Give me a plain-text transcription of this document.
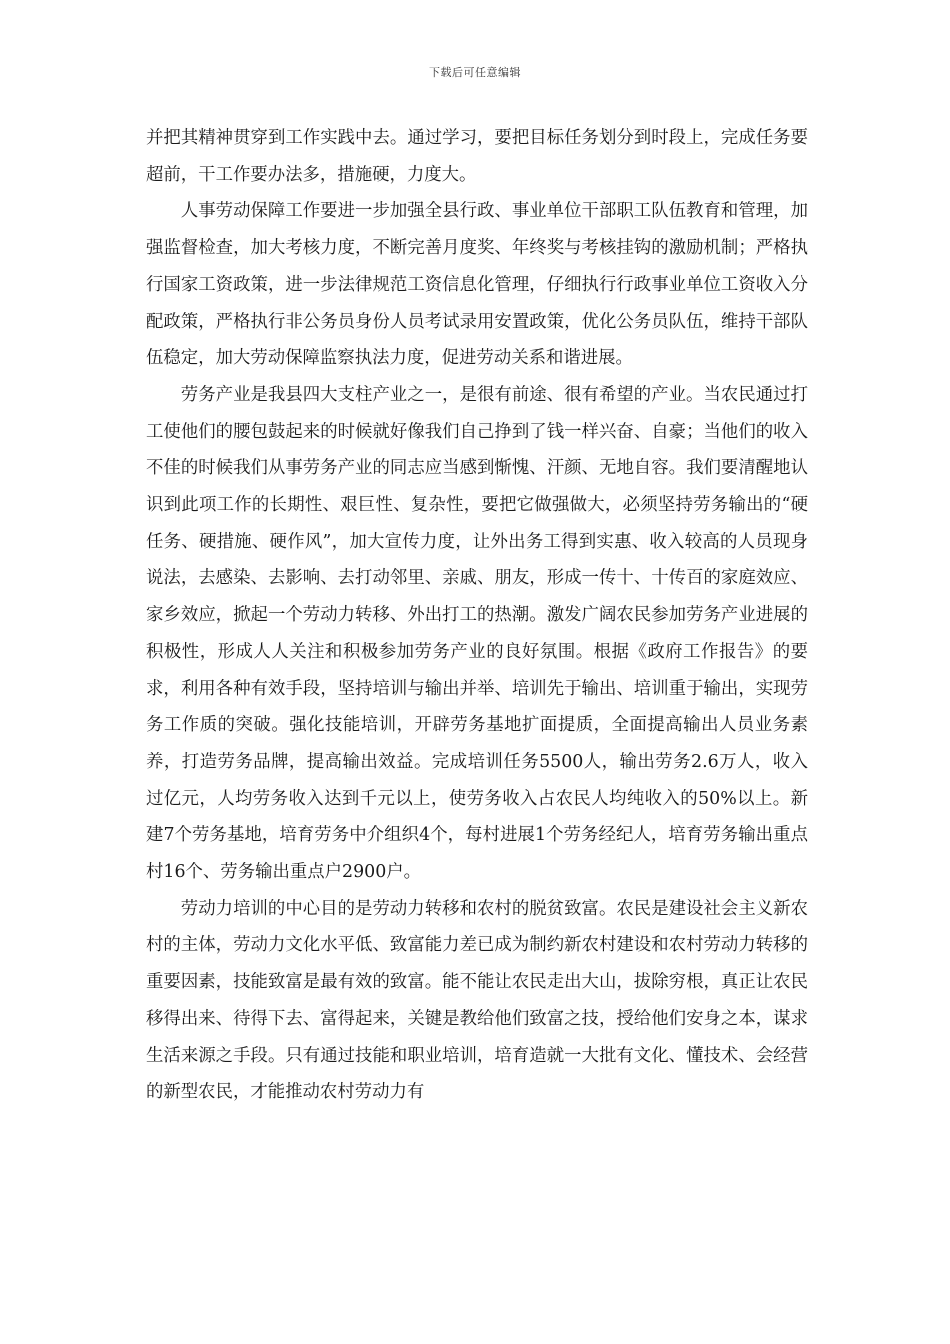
下载后可任意编辑

并把其精神贯穿到工作实践中去。通过学习，要把目标任务划分到时段上，完成任务要超前，干工作要办法多，措施硬，力度大。

人事劳动保障工作要进一步加强全县行政、事业单位干部职工队伍教育和管理，加强监督检查，加大考核力度，不断完善月度奖、年终奖与考核挂钩的激励机制；严格执行国家工资政策，进一步法律规范工资信息化管理，仔细执行行政事业单位工资收入分配政策，严格执行非公务员身份人员考试录用安置政策，优化公务员队伍，维持干部队伍稳定，加大劳动保障监察执法力度，促进劳动关系和谐进展。

劳务产业是我县四大支柱产业之一，是很有前途、很有希望的产业。当农民通过打工使他们的腰包鼓起来的时候就好像我们自己挣到了钱一样兴奋、自豪；当他们的收入不佳的时候我们从事劳务产业的同志应当感到惭愧、汗颜、无地自容。我们要清醒地认识到此项工作的长期性、艰巨性、复杂性，要把它做强做大，必须坚持劳务输出的“硬任务、硬措施、硬作风”，加大宣传力度，让外出务工得到实惠、收入较高的人员现身说法，去感染、去影响、去打动邻里、亲戚、朋友，形成一传十、十传百的家庭效应、家乡效应，掀起一个劳动力转移、外出打工的热潮。激发广阔农民参加劳务产业进展的积极性，形成人人关注和积极参加劳务产业的良好氛围。根据《政府工作报告》的要求，利用各种有效手段，坚持培训与输出并举、培训先于输出、培训重于输出，实现劳务工作质的突破。强化技能培训，开辟劳务基地扩面提质，全面提高输出人员业务素养，打造劳务品牌，提高输出效益。完成培训任务5500人，输出劳务2.6万人，收入过亿元，人均劳务收入达到千元以上，使劳务收入占农民人均纯收入的50%以上。新建7个劳务基地，培育劳务中介组织4个，每村进展1个劳务经纪人，培育劳务输出重点村16个、劳务输出重点户2900户。

劳动力培训的中心目的是劳动力转移和农村的脱贫致富。农民是建设社会主义新农村的主体，劳动力文化水平低、致富能力差已成为制约新农村建设和农村劳动力转移的重要因素，技能致富是最有效的致富。能不能让农民走出大山，拔除穷根，真正让农民移得出来、待得下去、富得起来，关键是教给他们致富之技，授给他们安身之本，谋求生活来源之手段。只有通过技能和职业培训，培育造就一大批有文化、懂技术、会经营的新型农民，才能推动农村劳动力有
